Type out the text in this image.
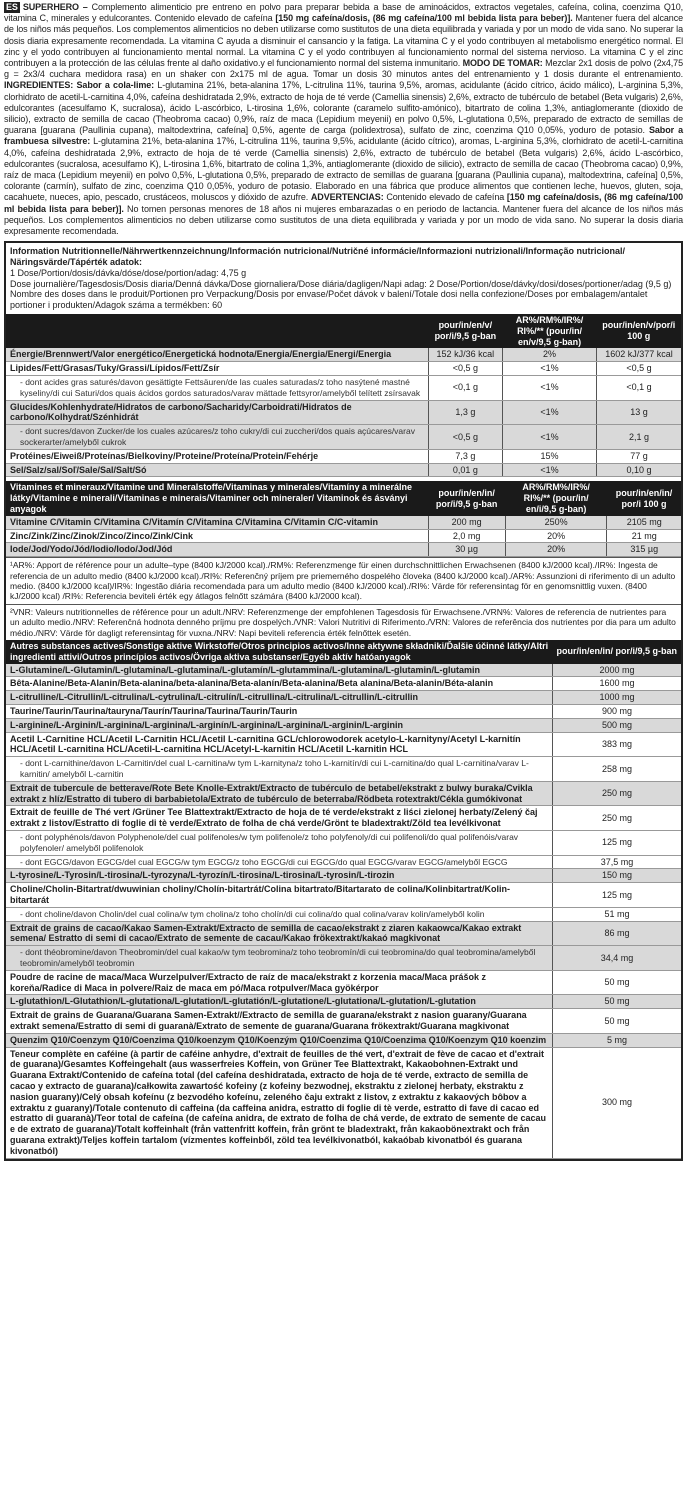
ES SUPERHERO – Complemento alimenticio pre entreno en polvo para preparar bebida a base de aminoácidos, extractos vegetales, cafeína, colina, coenzima Q10, vitamina C, minerales y edulcorantes. Contenido elevado de cafeína [150 mg cafeína/dosis, (86 mg cafeína/100 ml bebida lista para beber)]. Mantener fuera del alcance de los niños más pequeños. Los complementos alimenticios no deben utilizarse como sustitutos de una dieta equilibrada y variada y por un modo de vida sano. No superar la dosis diaria expresamente recomendada. La vitamina C ayuda a disminuir el cansancio y la fatiga. La vitamina C y el yodo contribuyen al metabolismo energético normal. El zinc y el yodo contribuyen al funcionamiento mental normal. La vitamina C y el yodo contribuyen al funcionamiento normal del sistema nervioso. La vitamina C y el zinc contribuyen a la protección de las células frente al daño oxidativo.y el funcionamiento normal del sistema inmunitario. MODO DE TOMAR: Mezclar 2x1 dosis de polvo (2x4,75 g = 2x3/4 cuchara medidora rasa) en un shaker con 2x175 ml de agua. Tomar un dosis 30 minutos antes del entrenamiento y 1 dosis durante el entrenamiento. INGREDIENTES: Sabor a cola-lime: L-glutamina 21%, beta-alanina 17%, L-citrulina 11%, taurina 9,5%, aromas, acidulante (ácido cítrico, ácido málico), L-arginina 5,3%, clorhidrato de acetil-L-carnitina 4,0%, cafeína deshidratada 2,9%, extracto de hoja de té verde (Camellia sinensis) 2,6%, extracto de tubérculo de betabel (Beta vulgaris) 2,6%, edulcorantes (acesulfamo K, sucralosa), ácido L-ascórbico, L-tirosina 1,6%, colorante (caramelo sulfito-amónico), bitartrato de colina 1,3%, antiaglomerante (dioxido de silicio), extracto de semilla de cacao (Theobroma cacao) 0,9%, raíz de maca (Lepidium meyenii) en polvo 0,5%, L-glutationa 0,5%, preparado de extracto de semillas de guarana [guarana (Paullinia cupana), maltodextrina, cafeína] 0,5%, agente de carga (polidextrosa), sulfato de zinc, coenzima Q10 0,05%, yoduro de potasio. Sabor a frambuesa silvestre: L-glutamina 21%, beta-alanina 17%, L-citrulina 11%, taurina 9,5%, acidulante (ácido cítrico), aromas, L-arginina 5,3%, clorhidrato de acetil-L-carnitina 4,0%, cafeína deshidratada 2,9%, extracto de hoja de té verde (Camellia sinensis) 2,6%, extracto de tubérculo de betabel (Beta vulgaris) 2,6%, ácido L-ascórbico, edulcorantes (sucralosa, acesulfamo K), L-tirosina 1,6%, bitartrato de colina 1,3%, antiaglomerante (dioxido de silicio), extracto de semilla de cacao (Theobroma cacao) 0,9%, raíz de maca (Lepidium meyenii) en polvo 0,5%, L-glutationa 0,5%, preparado de extracto de semillas de guarana [guarana (Paullinia cupana), maltodextrina, cafeína] 0,5%, colorante (carmín), sulfato de zinc, coenzima Q10 0,05%, yoduro de potasio. Elaborado en una fábrica que produce alimentos que contienen leche, huevos, gluten, soja, cacahuete, nueces, apio, pescado, crustáceos, moluscos y dióxido de azufre. ADVERTENCIAS: Contenido elevado de cafeína [150 mg cafeína/dosis, (86 mg cafeína/100 ml bebida lista para beber)]. No tomen personas menores de 18 años ni mujeres embarazadas o en periodo de lactancia. Mantener fuera del alcance de los niños más pequeños. Los complementos alimenticios no deben utilizarse como sustitutos de una dieta equilibrada y variada y por un modo de vida sano. No superar la dosis diaria expresamente recomendada.
Information Nutritionnelle/Nährwertkennzeichnung/Información nutricional/Nutričné informácie/Informazioni nutrizionali/Informação nutricional/ Näringsvärde/Tápérték adatok:
1 Dose/Portion/dosis/dávka/dóse/dose/portion/adag: 4,75 g
Dose journalière/Tagesdosis/Dosis diaria/Denná dávka/Dose giornaliera/Dose diária/dagligen/Napi adag: 2 Dose/Portion/dose/dávky/dosi/doses/portioner/adag (9,5 g)
Nombre des doses dans le produit/Portionen pro Verpackung/Dosis por envase/Počet dávok v balení/Totale dosi nella confezione/Doses por embalagem/antalet portioner i produkten/Adagok száma a termékben: 60
	pour/in/en/v/ por/i/9,5 g-ban	AR%/RM%/IR%/ RI%/** (pour/in/ en/v/9,5 g-ban)	pour/in/en/v/por/i 100 g
Énergie/Brennwert/Valor energético/Energetická hodnota/Energia/Energia/Energi/Energia	152 kJ/36 kcal	2%	1602 kJ/377 kcal
Lipides/Fett/Grasas/Tuky/Grassi/Lípidos/Fett/Zsír	<0,5 g	<1%	<0,5 g
- dont acides gras saturés/davon gesättigte Fettsäuren/de las cuales saturadas/z toho nasýtené mastné kyseliny/di cui Saturi/dos quais ácidos gordos saturados/varav mättade fettsyror/amelyből telített zsírsavak	<0,1 g	<1%	<0,1 g
Glucides/Kohlenhydrate/Hidratos de carbono/Sacharidy/Carboidrati/Hidratos de carbono/Kolhydrat/Szénhidrát	1,3 g	<1%	13 g
- dont sucres/davon Zucker/de los cuales azúcares/z toho cukry/di cui zuccheri/dos quais açúcares/varav sockerarter/amelyből cukrok	<0,5 g	<1%	2,1 g
Protéines/Eiweiß/Proteínas/Bielkoviny/Proteine/Proteína/Protein/Fehérje	7,3 g	15%	77 g
Sel/Salz/sal/Soľ/Sale/Sal/Salt/Só	0,01 g	<1%	0,10 g
Vitamines et mineraux/Vitamine und Mineralstoffe/Vitaminas y minerales/Vitamíny a minerálne látky/Vitamine e minerali/Vitaminas e minerais/Vitaminer och mineraler/ Vitaminok és ásványi anyagok	pour/in/en/in/ por/i/9,5 g-ban	AR%/RM%/IR%/ RI%/** (pour/in/ en/i/9,5 g-ban)	pour/in/en/in/ por/i 100 g
Vitamine C/Vitamin C/Vitamina C/Vitamín C/Vitamina C/Vitamina C/Vitamin C/C-vitamin	200 mg	250%	2105 mg
Zinc/Zink/Zinc/Zinok/Zinco/Zinco/Zink/Cink	2,0 mg	20%	21 mg
Iode/Jod/Yodo/Jód/Iodio/Iodo/Jod/Jód	30 µg	20%	315 µg
¹AR%: Apport de référence pour un adulte–type (8400 kJ/2000 kcal)./RM%: Referenzmenge für einen durchschnittlichen Erwachsenen (8400 kJ/2000 kcal)./IR%: Ingesta de referencia de un adulto medio (8400 kJ/2000 kcal)./RI%: Referenčný príjem pre priemerného dospelého človeka (8400 kJ/2000 kcal)./AR%: Assunzioni di riferimento di un adulto medio. (8400 kJ/2000 kcal)/IR%: Ingestão diária recomendada para um adulto medio (8400 kJ/2000 kcal)./RI%: Värde för referensintag för en genomsnittlig vuxen. (8400 kJ/2000 kcal) /RI%: Referencia beviteli érték egy átlagos felnőtt számára (8400 kJ/2000 kcal).
²VNR: Valeurs nutritionnelles de référence pour un adult./NRV: Referenzmenge der empfohlenen Tagesdosis für Erwachsene./VRN%: Valores de referencia de nutrientes para un adulto medio./NRV: Referenčná hodnota denného príjmu pre dospelých./VNR: Valori Nutritivi di Riferimento./VRN: Valores de referência dos nutrientes por dia para um adulto médio./NRV: Värde för dagligt referensintag för vuxna./NRV: Napi beviteli referencia érték felnőttek esetén.
Autres substances actives/Sonstige aktive Wirkstoffe/Otros principios activos/Inne aktywne składniki/Ďalšie účinné látky/Altri ingredienti attivi/Outros princípios activos/Övriga aktiva substanser/Egyéb aktív hatóanyagok	pour/in/en/in/ por/i/9,5 g-ban
L-Glutamine/L-Glutamin/L-glutamina/L-glutamina/L-glutamín/L-glutammina/L-glutamina/L-glutamin/L-glutamin	2000 mg
Bêta-Alanine/Beta-Alanin/Beta-alanina/beta-alanina/Beta-alanín/Beta-alanina/Beta alanina/Beta-alanin/Béta-alanin	1600 mg
L-citrulline/L-Citrullin/L-citrulina/L-cytrulina/L-citrulín/L-citrullina/L-citrulina/L-citrullin/L-citrullin	1000 mg
Taurine/Taurin/Taurina/tauryna/Taurín/Taurina/Taurina/Taurin/Taurin	900 mg
L-arginine/L-Arginin/L-arginina/L-arginina/L-arginín/L-arginina/L-arginina/L-arginin/L-arginin	500 mg
Acetil L-Carnitine HCL/Acetil L-Carnitin HCL/Acetil L-carnitina GCL/chlorowodorek acetylo-L-karnityny/Acetyl L-karnitín HCL/Acetil L-carnitina HCL/Acetil-L-carnitina HCL/Acetyl-L-karnitin HCL/Acetil L-karnitin HCL	383 mg
- dont L-carnithine/davon L-Carnitin/del cual L-carnitina/w tym L-karnityna/z toho L-karnitín/di cui L-carnitina/do qual L-carnitina/varav L-karnitin/ amelyből L-carnitin	258 mg
Extrait de tubercule de betterave/Rote Bete Knolle-Extrakt/Extracto de tubérculo de betabel/ekstrakt z bulwy buraka/Cvikla extrakt z hlíz/Estratto di tubero di barbabietola/Extrato de tubérculo de beterraba/Rödbeta rotextrakt/Cékla gumókivonat	250 mg
Extrait de feuille de Thé vert /Grüner Tee Blattextrakt/Extracto de hoja de té verde/ekstrakt z liści zielonej herbaty/Zelený čaj extrakt z listov/Estratto di foglie di tè verde/Extrato de folha de chá verde/Grönt te bladextrakt/Zöld tea levélkivonat	250 mg
- dont polyphénols/davon Polyphenole/del cual polifenoles/w tym polifenole/z toho polyfenoly/di cui polifenoli/do qual polifenóis/varav polyfenoler/ amelyből polifenolok	125 mg
- dont EGCG/davon EGCG/del cual EGCG/w tym EGCG/z toho EGCG/di cui EGCG/do qual EGCG/varav EGCG/amelyből EGCG	37,5 mg
L-tyrosine/L-Tyrosin/L-tirosina/L-tyrozyna/L-tyrozín/L-tirosina/L-tirosina/L-tyrosin/L-tirozin	150 mg
Choline/Cholin-Bitartrat/dwuwinian choliny/Cholín-bitartrát/Colina bitartrato/Bitartarato de colina/Kolinbitartrat/Kolin-bitartarát	125 mg
- dont choline/davon Cholin/del cual colina/w tym cholina/z toho cholín/di cui colina/do qual colina/varav kolin/amelyből kolin	51 mg
Extrait de grains de cacao/Kakao Samen-Extrakt/Extracto de semilla de cacao/ekstrakt z ziaren kakaowca/Kakao extrakt semena/ Estratto di semi di cacao/Extrato de semente de cacau/Kakao frökextrakt/kakaó magkivonat	86 mg
- dont théobromine/davon Theobromin/del cual kakao/w tym teobromina/z toho teobromín/di cui teobromina/do qual teobromina/amelyből teobromin/amelyből teobromin	34,4 mg
Poudre de racine de maca/Maca Wurzelpulver/Extracto de raíz de maca/ekstrakt z korzenia maca/Maca prášok z koreňa/Radice di Maca in polvere/Raiz de maca em pó/Maca rotpulver/Maca gyökérpor	50 mg
L-glutathion/L-Glutathion/L-glutationa/L-glutation/L-glutatión/L-glutatione/L-glutationa/L-glutation/L-glutation	50 mg
Extrait de grains de Guarana/Guarana Samen-Extrakt//Extracto de semilla de guarana/ekstrakt z nasion guarany/Guarana extrakt semena/Estratto di semi di guaranà/Extrato de semente de guarana/Guarana frökextrakt/Guarana magkivonat	50 mg
Quenzim Q10/Coenzym Q10/Coenzima Q10/koenzym Q10/Koenzým Q10/Coenzima Q10/Coenzima Q10/Koenzym Q10 koenzim	5 mg
Teneur complète en caféine (à partir de caféine anhydre, d'extrait de feuilles de thé vert, d'extrait de fève de cacao et d'extrait de guarana)/Gesamtes Koffeingehalt (aus wasserfreies Koffein, von Grüner Tee Blattextrakt, Kakaobohnen-Extrakt und Guarana Extrakt/Contenido de cafeína total (del cafeína deshidratada, extracto de hoja de té verde, extracto de semilla de cacao y extracto de guarana)/całkowita zawartość kofeiny (z kofeiny bezwodnej, ekstraktu z zielonej herbaty, ekstraktu z nasion guarany)/Celý obsah kofeínu (z bezvodého kofeínu, zeleného čaju extrakt z listov, z extraktu z kakaových bôbov a extraktu z guarany)/Totale contenuto di caffeina (da caffeina anidra, estratto di foglie di tè verde, estratto di fave di cacao ed estratto di guaranà)/Teor total de cafeína (de cafeína anidra, de extrato de folha de chá verde, de extrato de semente de cacau e de extrato de guarana)/Totalt koffeinhalt (från vattenfritt koffein, från grönt te bladextrakt, från kakaobönextrakt och från guarana extrakt)/Teljes koffein tartalom (vízmentes koffeinből, zöld tea levélkivonatból, kakaóbab kivonatból és guarana kivonatból)	300 mg
